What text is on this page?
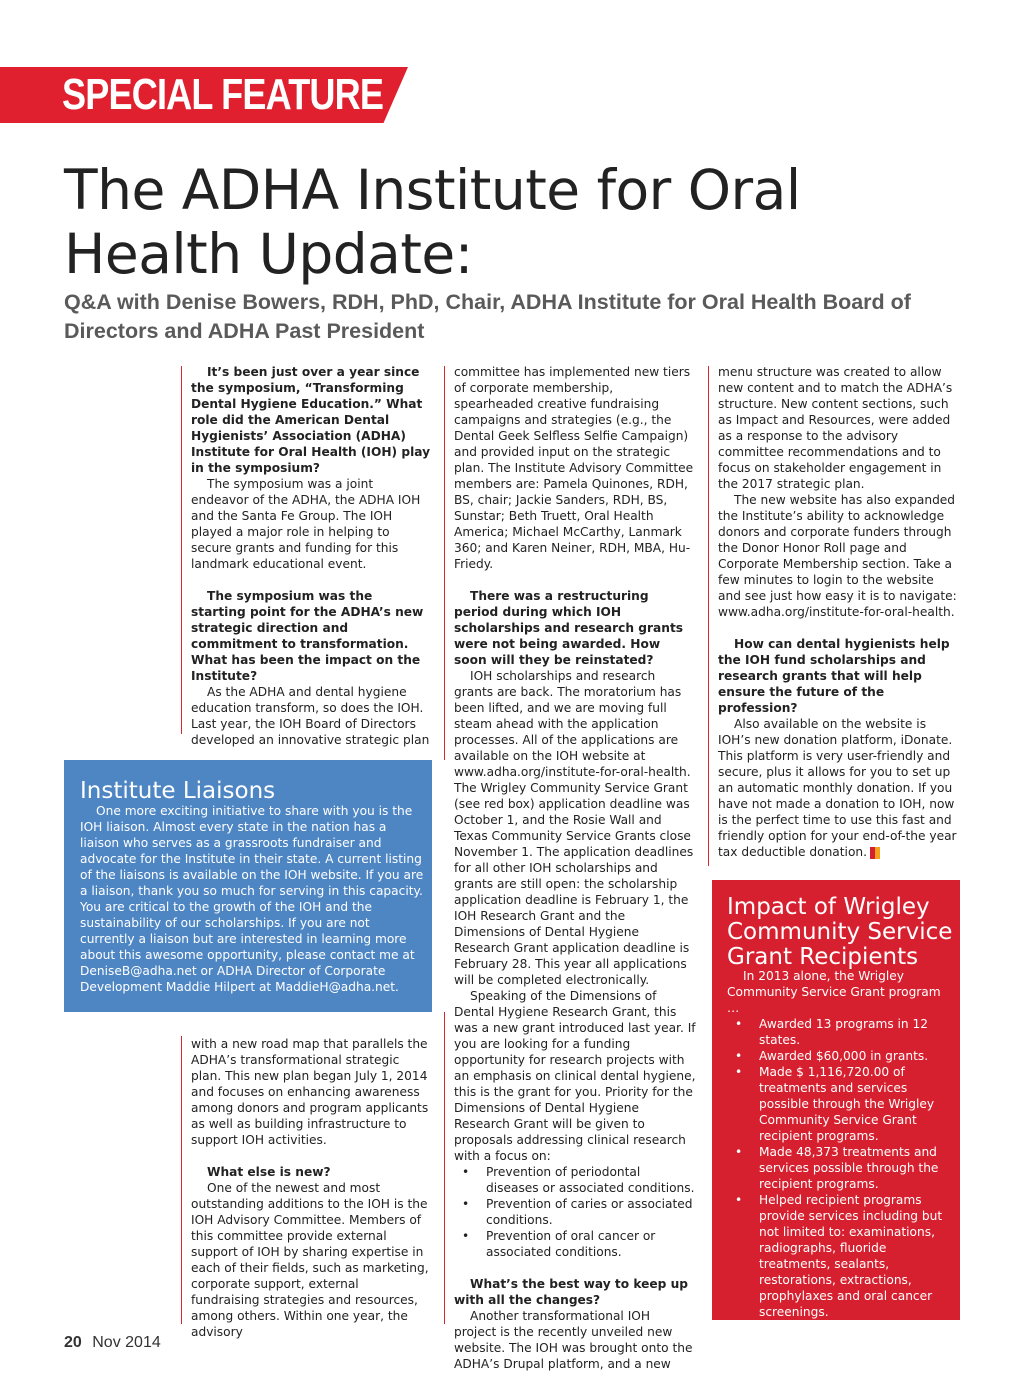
SPECIAL FEATURE
The ADHA Institute for Oral Health Update:
Q&A with Denise Bowers, RDH, PhD, Chair, ADHA Institute for Oral Health Board of Directors and ADHA Past President

It’s been just over a year since the symposium, “Transforming Dental Hygiene Education.” What role did the American Dental Hygienists’ Association (ADHA) Institute for Oral Health (IOH) play in the symposium?

The symposium was a joint endeavor of the ADHA, the ADHA IOH and the Santa Fe Group. The IOH played a major role in helping to secure grants and funding for this landmark educational event.

The symposium was the starting point for the ADHA’s new strategic direction and commitment to transformation. What has been the impact on the Institute?

As the ADHA and dental hygiene education transform, so does the IOH. Last year, the IOH Board of Directors developed an innovative strategic plan

Institute Liaisons

One more exciting initiative to share with you is the IOH liaison. Almost every state in the nation has a liaison who serves as a grassroots fundraiser and advocate for the Institute in their state. A current listing of the liaisons is available on the IOH website. If you are a liaison, thank you so much for serving in this capacity. You are critical to the growth of the IOH and the sustainability of our scholarships. If you are not currently a liaison but are interested in learning more about this awesome opportunity, please contact me at DeniseB@adha.net or ADHA Director of Corporate Development Maddie Hilpert at MaddieH@adha.net.

with a new road map that parallels the ADHA’s transformational strategic plan. This new plan began July 1, 2014 and focuses on enhancing awareness among donors and program applicants as well as building infrastructure to support IOH activities.

What else is new?

One of the newest and most outstanding additions to the IOH is the IOH Advisory Committee. Members of this committee provide external support of IOH by sharing expertise in each of their fields, such as marketing, corporate support, external fundraising strategies and resources, among others. Within one year, the advisory

committee has implemented new tiers of corporate membership, spearheaded creative fundraising campaigns and strategies (e.g., the Dental Geek Selfless Selfie Campaign) and provided input on the strategic plan. The Institute Advisory Committee members are: Pamela Quinones, RDH, BS, chair; Jackie Sanders, RDH, BS, Sunstar; Beth Truett, Oral Health America; Michael McCarthy, Lanmark 360; and Karen Neiner, RDH, MBA, Hu-Friedy.

There was a restructuring period during which IOH scholarships and research grants were not being awarded. How soon will they be reinstated?

IOH scholarships and research grants are back. The moratorium has been lifted, and we are moving full steam ahead with the application processes. All of the applications are available on the IOH website at www.adha.org/institute-for-oral-health. The Wrigley Community Service Grant (see red box) application deadline was October 1, and the Rosie Wall and Texas Community Service Grants close November 1. The application deadlines for all other IOH scholarships and grants are still open: the scholarship application deadline is February 1, the IOH Research Grant and the Dimensions of Dental Hygiene Research Grant application deadline is February 28. This year all applications will be completed electronically.

Speaking of the Dimensions of Dental Hygiene Research Grant, this was a new grant introduced last year. If you are looking for a funding opportunity for research projects with an emphasis on clinical dental hygiene, this is the grant for you. Priority for the Dimensions of Dental Hygiene Research Grant will be given to proposals addressing clinical research with a focus on:

• Prevention of periodontal diseases or associated conditions.
• Prevention of caries or associated conditions.
• Prevention of oral cancer or associated conditions.

What’s the best way to keep up with all the changes?

Another transformational IOH project is the recently unveiled new website. The IOH was brought onto the ADHA’s Drupal platform, and a new

menu structure was created to allow new content and to match the ADHA’s structure. New content sections, such as Impact and Resources, were added as a response to the advisory committee recommendations and to focus on stakeholder engagement in the 2017 strategic plan.

The new website has also expanded the Institute’s ability to acknowledge donors and corporate funders through the Donor Honor Roll page and Corporate Membership section. Take a few minutes to login to the website and see just how easy it is to navigate: www.adha.org/institute-for-oral-health.

How can dental hygienists help the IOH fund scholarships and research grants that will help ensure the future of the profession?

Also available on the website is IOH’s new donation platform, iDonate. This platform is very user-friendly and secure, plus it allows for you to set up an automatic monthly donation. If you have not made a donation to IOH, now is the perfect time to use this fast and friendly option for your end-of-the year tax deductible donation.

Impact of Wrigley Community Service Grant Recipients

In 2013 alone, the Wrigley Community Service Grant program …

• Awarded 13 programs in 12 states.
• Awarded $60,000 in grants.
• Made $ 1,116,720.00 of treatments and services possible through the Wrigley Community Service Grant recipient programs.
• Made 48,373 treatments and services possible through the recipient programs.
• Helped recipient programs provide services including but not limited to: examinations, radiographs, fluoride treatments, sealants, restorations, extractions, prophylaxes and oral cancer screenings.
20 Nov 2014
